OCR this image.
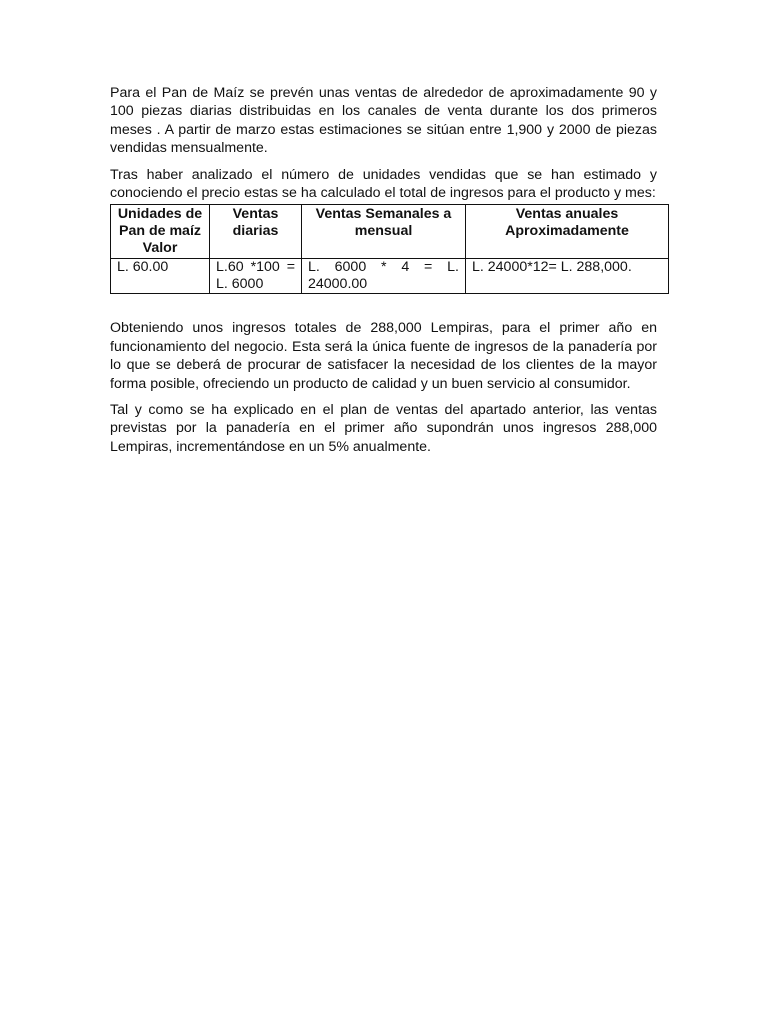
Para el Pan de Maíz se prevén unas ventas de alrededor de aproximadamente 90 y 100 piezas diarias distribuidas en los canales de venta durante los dos primeros meses . A partir de marzo estas estimaciones se sitúan entre 1,900 y 2000 de piezas vendidas mensualmente.

Tras haber analizado el número de unidades vendidas que se han estimado y conociendo el precio estas se ha calculado el total de ingresos para el producto y mes:

Unidades de Pan de maíz Valor	Ventas diarias	Ventas Semanales a mensual	Ventas anuales Aproximadamente
L. 60.00	L.60 *100 = L. 6000	L. 6000 * 4 = L. 24000.00	L. 24000*12= L. 288,000.

Obteniendo unos ingresos totales de 288,000 Lempiras, para el primer año en funcionamiento del negocio. Esta será la única fuente de ingresos de la panadería por lo que se deberá de procurar de satisfacer la necesidad de los clientes de la mayor forma posible, ofreciendo un producto de calidad y un buen servicio al consumidor.

Tal y como se ha explicado en el plan de ventas del apartado anterior, las ventas previstas por la panadería en el primer año supondrán unos ingresos 288,000 Lempiras, incrementándose en un 5% anualmente.
